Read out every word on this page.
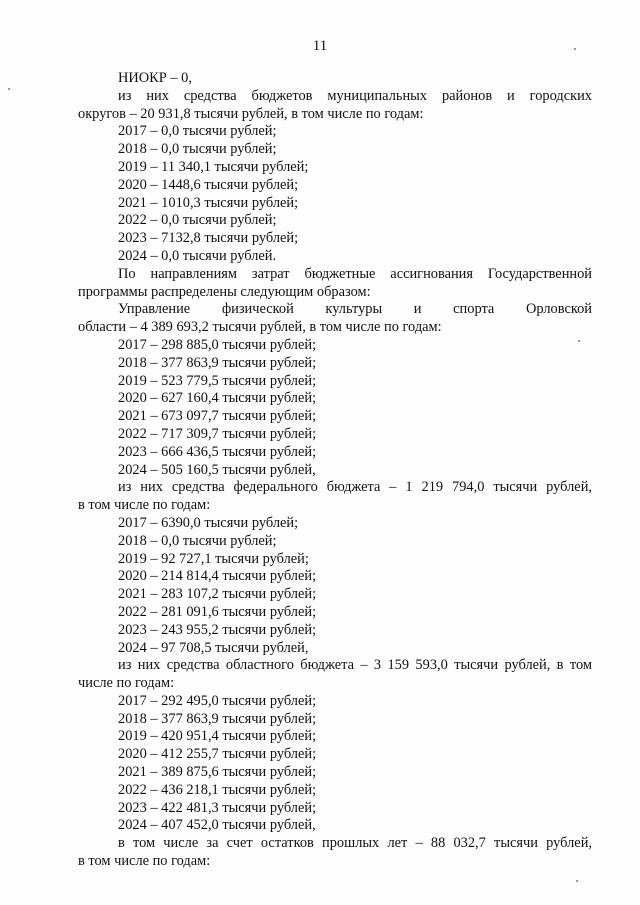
11
НИОКР – 0,
из них средства бюджетов муниципальных районов и городских
округов – 20 931,8 тысячи рублей, в том числе по годам:
2017 – 0,0 тысячи рублей;
2018 – 0,0 тысячи рублей;
2019 – 11 340,1 тысячи рублей;
2020 – 1448,6 тысячи рублей;
2021 – 1010,3 тысячи рублей;
2022 – 0,0 тысячи рублей;
2023 – 7132,8 тысячи рублей;
2024 – 0,0 тысячи рублей.
По направлениям затрат бюджетные ассигнования Государственной
программы распределены следующим образом:
Управление физической культуры и спорта Орловской
области – 4 389 693,2 тысячи рублей, в том числе по годам:
2017 – 298 885,0 тысячи рублей;
2018 – 377 863,9 тысячи рублей;
2019 – 523 779,5 тысячи рублей;
2020 – 627 160,4 тысячи рублей;
2021 – 673 097,7 тысячи рублей;
2022 – 717 309,7 тысячи рублей;
2023 – 666 436,5 тысячи рублей;
2024 – 505 160,5 тысячи рублей,
из них средства федерального бюджета – 1 219 794,0 тысячи рублей,
в том числе по годам:
2017 – 6390,0 тысячи рублей;
2018 – 0,0 тысячи рублей;
2019 – 92 727,1 тысячи рублей;
2020 – 214 814,4 тысячи рублей;
2021 – 283 107,2 тысячи рублей;
2022 – 281 091,6 тысячи рублей;
2023 – 243 955,2 тысячи рублей;
2024 – 97 708,5 тысячи рублей,
из них средства областного бюджета – 3 159 593,0 тысячи рублей, в том
числе по годам:
2017 – 292 495,0 тысячи рублей;
2018 – 377 863,9 тысячи рублей;
2019 – 420 951,4 тысячи рублей;
2020 – 412 255,7 тысячи рублей;
2021 – 389 875,6 тысячи рублей;
2022 – 436 218,1 тысячи рублей;
2023 – 422 481,3 тысячи рублей;
2024 – 407 452,0 тысячи рублей,
в том числе за счет остатков прошлых лет – 88 032,7 тысячи рублей,
в том числе по годам:
